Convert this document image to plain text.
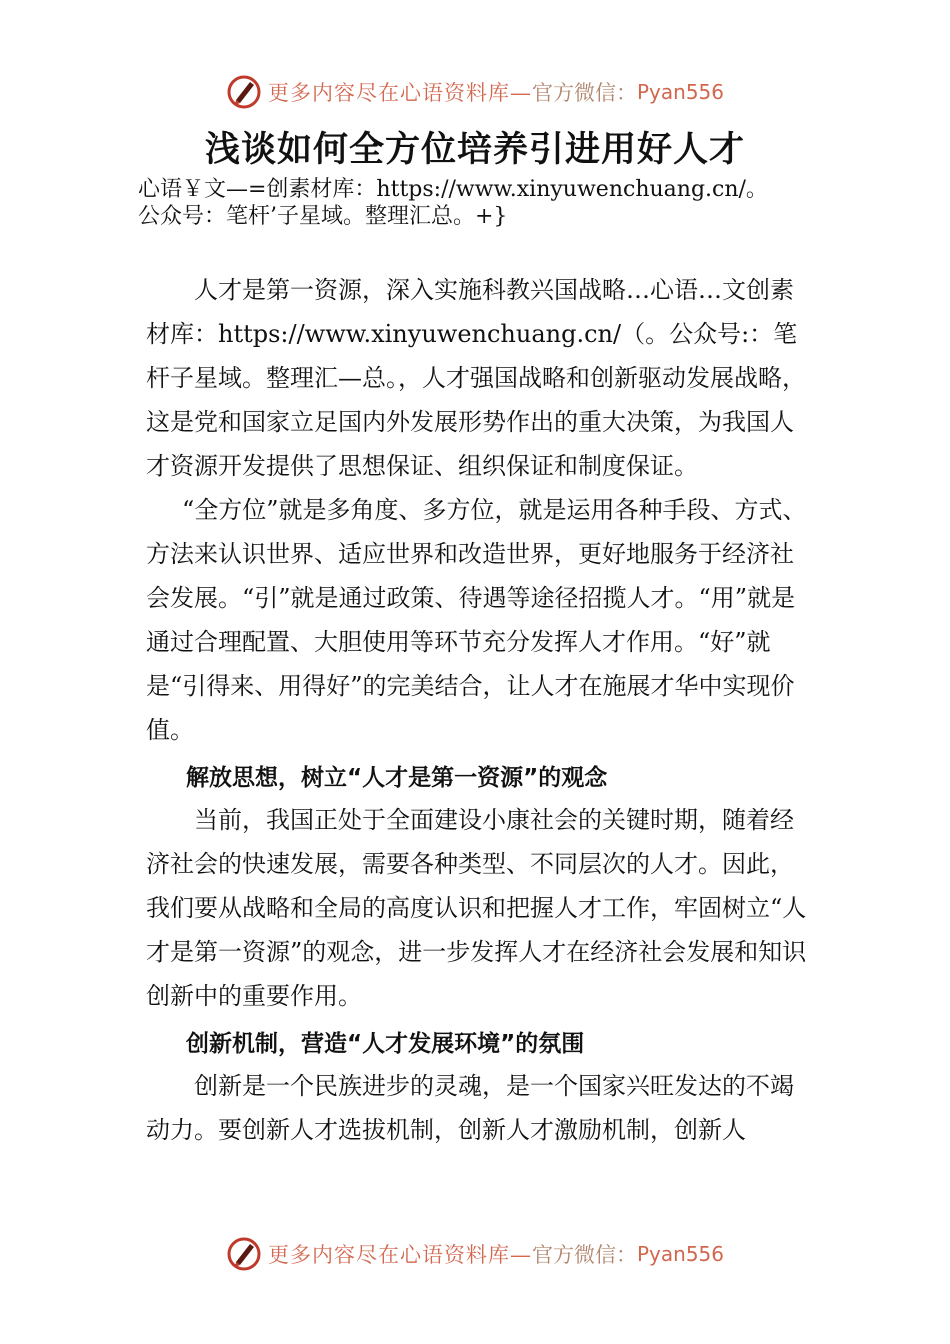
更多内容尽在心语资料库— 官方微信： Pyan556
浅谈如何全方位培养引进用好人才
心语￥文—=创素材库：https://www.xinyuwenchuang.cn/。
公众号：笔杆’子星域。整理汇总。+}

人才是第一资源，深入实施科教兴国战略…心语…文创素材库：https://www.xinyuwenchuang.cn/（。公众号:：笔杆子星域。整理汇—总。，人才强国战略和创新驱动发展战略，这是党和国家立足国内外发展形势作出的重大决策，为我国人才资源开发提供了思想保证、组织保证和制度保证。

“全方位”就是多角度、多方位，就是运用各种手段、方式、方法来认识世界、适应世界和改造世界，更好地服务于经济社会发展。“引”就是通过政策、待遇等途径招揽人才。“用”就是通过合理配置、大胆使用等环节充分发挥人才作用。“好”就是“引得来、用得好”的完美结合，让人才在施展才华中实现价值。

解放思想，树立“人才是第一资源”的观念

当前，我国正处于全面建设小康社会的关键时期，随着经济社会的快速发展，需要各种类型、不同层次的人才。因此，我们要从战略和全局的高度认识和把握人才工作，牢固树立“人才是第一资源”的观念，进一步发挥人才在经济社会发展和知识创新中的重要作用。

创新机制，营造“人才发展环境”的氛围

创新是一个民族进步的灵魂，是一个国家兴旺发达的不竭动力。要创新人才选拔机制，创新人才激励机制，创新人

更多内容尽在心语资料库— 官方微信： Pyan556
